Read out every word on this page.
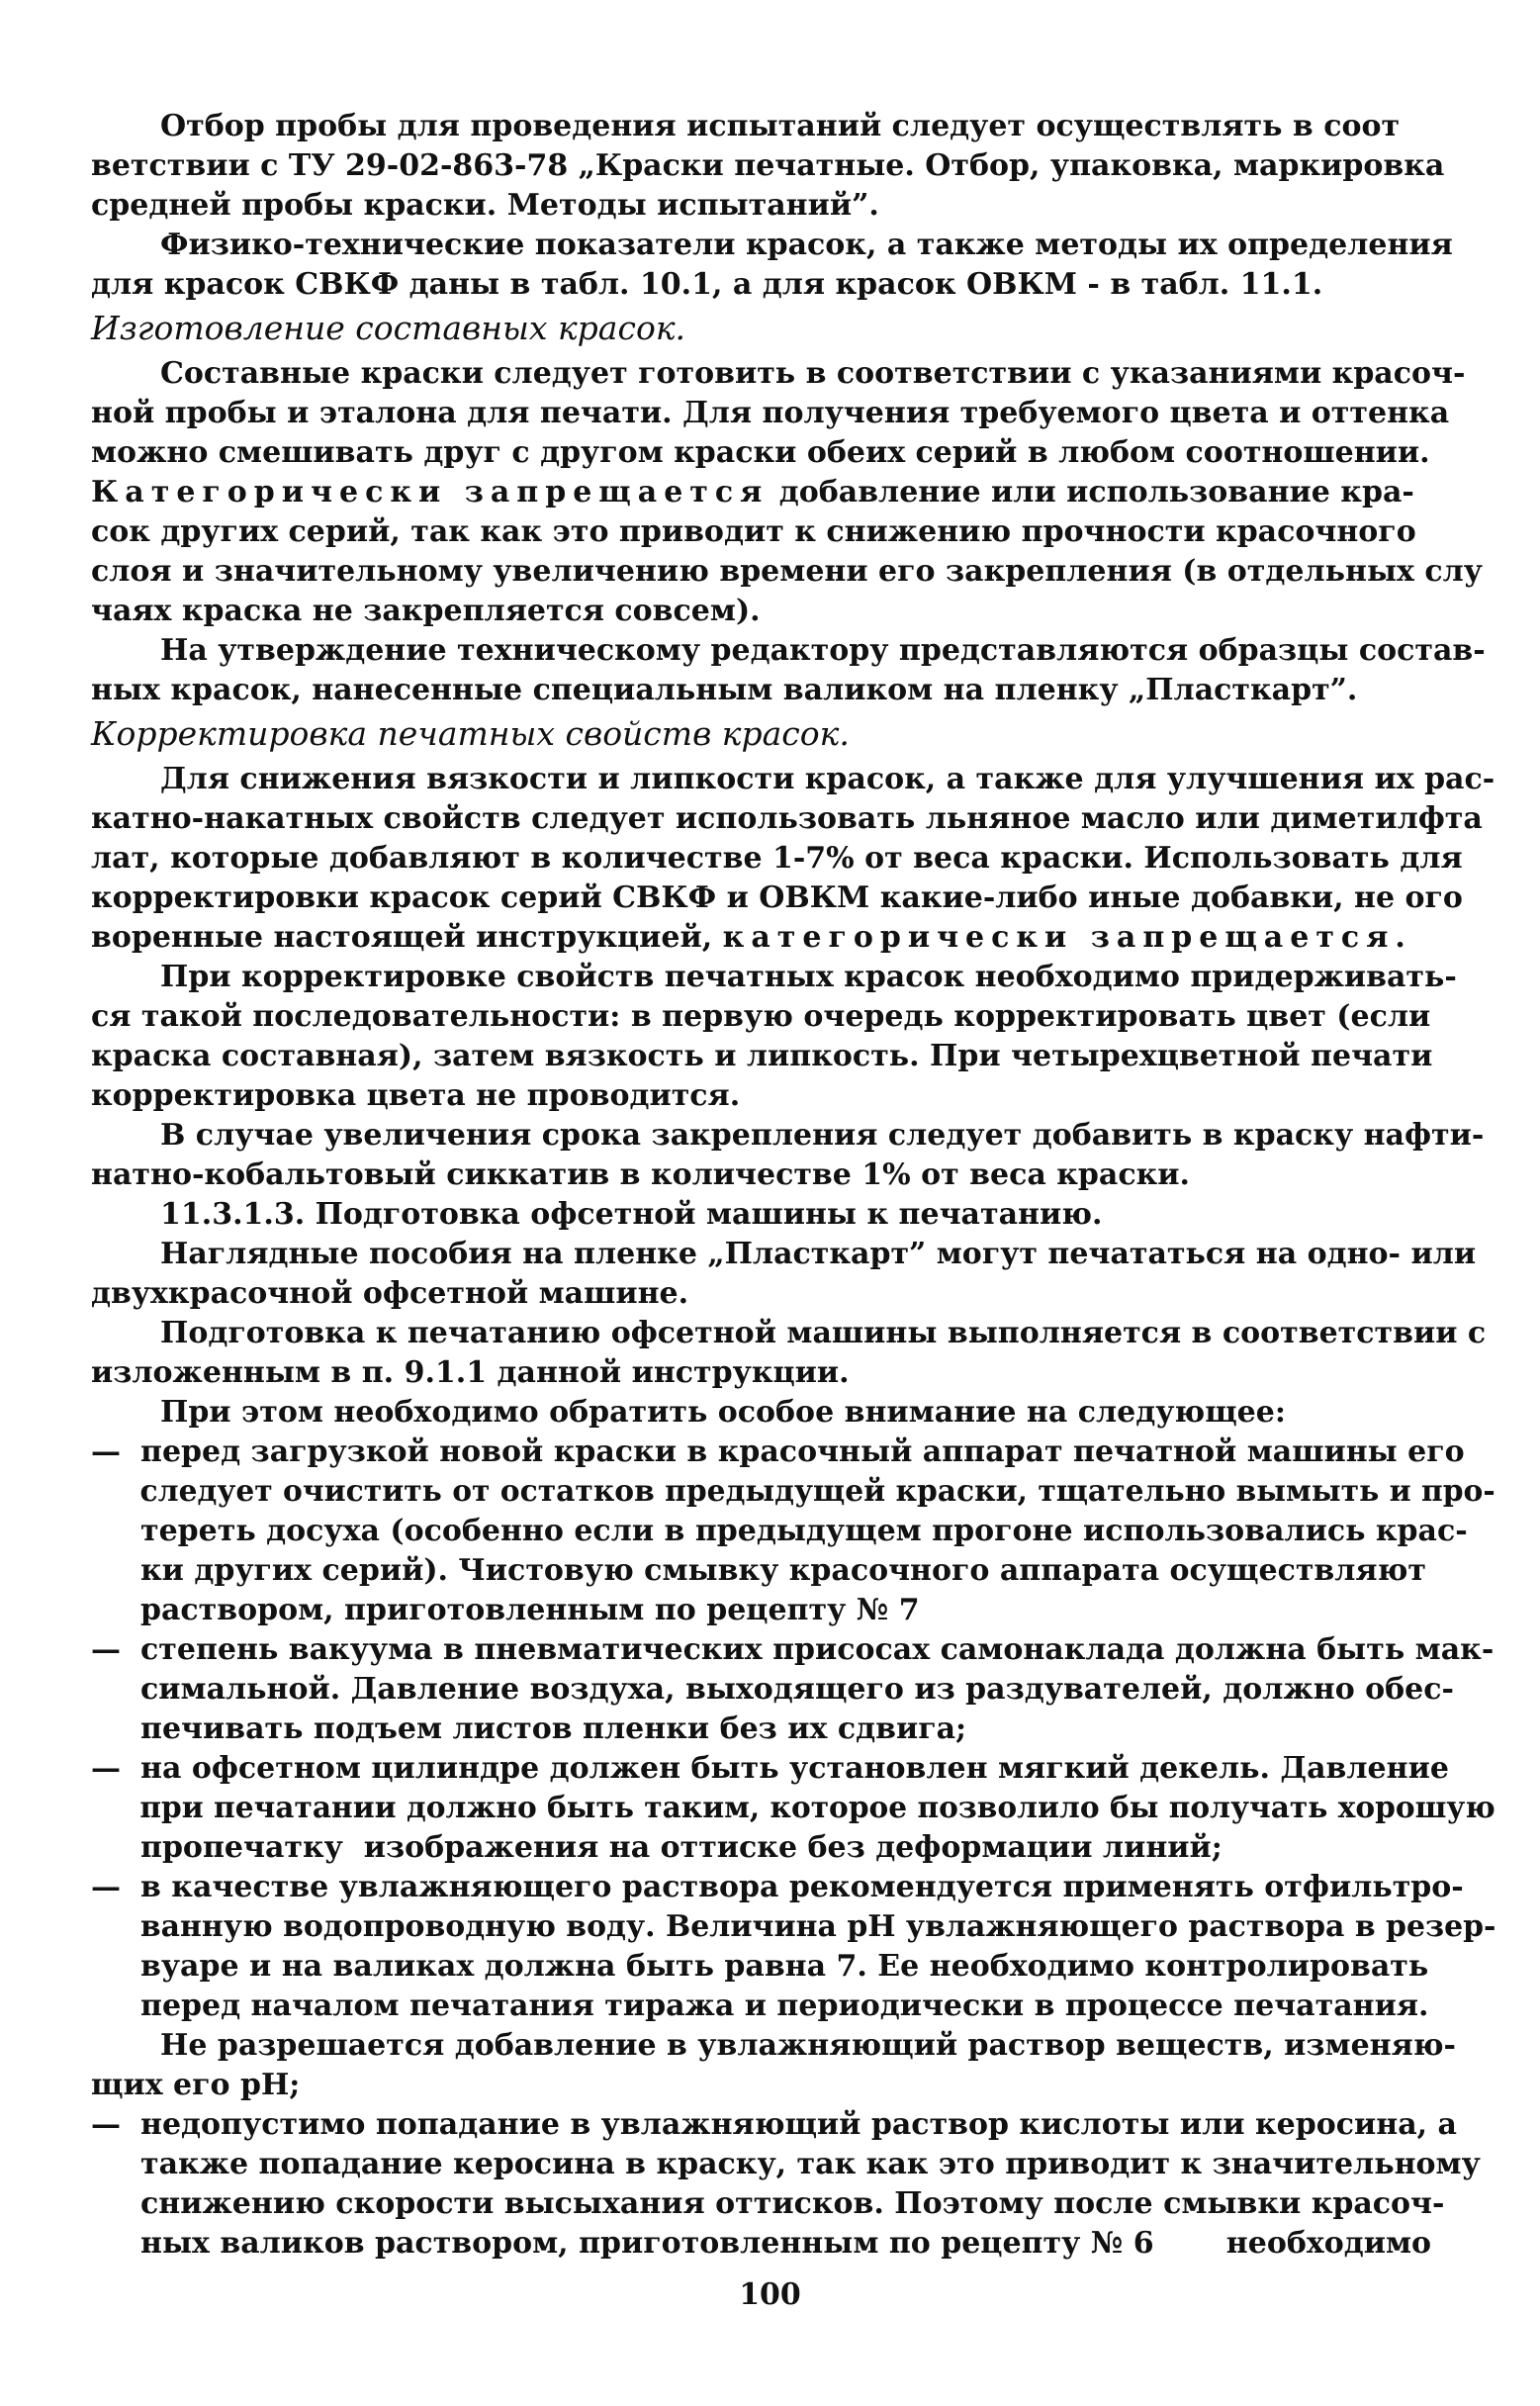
Отбор пробы для проведения испытаний следует осуществлять в соот
ветствии с ТУ 29-02-863-78 „Краски печатные. Отбор, упаковка, маркировка
средней пробы краски. Методы испытаний”.
Физико-технические показатели красок, а также методы их определения
для красок СВКФ даны в табл. 10.1, а для красок ОВКМ ‐ в табл. 11.1.
Изготовление составных красок.
Составные краски следует готовить в соответствии с указаниями красоч-
ной пробы и эталона для печати. Для получения требуемого цвета и оттенка
можно смешивать друг с другом краски обеих серий в любом соотношении.
Категорически запрещается добавление или использование кра-
сок других серий, так как это приводит к снижению прочности красочного
слоя и значительному увеличению времени его закрепления (в отдельных слу
чаях краска не закрепляется совсем).
На утверждение техническому редактору представляются образцы состав-
ных красок, нанесенные специальным валиком на пленку „Пласткарт”.
Корректировка печатных свойств красок.
Для снижения вязкости и липкости красок, а также для улучшения их рас-
катно-накатных свойств следует использовать льняное масло или диметилфта
лат, которые добавляют в количестве 1-7% от веса краски. Использовать для
корректировки красок серий СВКФ и ОВКМ какие-либо иные добавки, не ого
воренные настоящей инструкцией, категорически запрещается.
При корректировке свойств печатных красок необходимо придерживать-
ся такой последовательности: в первую очередь корректировать цвет (если
краска составная), затем вязкость и липкость. При четырехцветной печати
корректировка цвета не проводится.
В случае увеличения срока закрепления следует добавить в краску нафти-
натно-кобальтовый сиккатив в количестве 1% от веса краски.
11.3.1.3. Подготовка офсетной машины к печатанию.
Наглядные пособия на пленке „Пласткарт” могут печататься на одно- или
двухкрасочной офсетной машине.
Подготовка к печатанию офсетной машины выполняется в соответствии с
изложенным в п. 9.1.1 данной инструкции.
При этом необходимо обратить особое внимание на следующее:
— перед загрузкой новой краски в красочный аппарат печатной машины его
следует очистить от остатков предыдущей краски, тщательно вымыть и про-
тереть досуха (особенно если в предыдущем прогоне использовались крас-
ки других серий). Чистовую смывку красочного аппарата осуществляют
раствором, приготовленным по рецепту № 7
— степень вакуума в пневматических присосах самонаклада должна быть мак-
симальной. Давление воздуха, выходящего из раздувателей, должно обес-
печивать подъем листов пленки без их сдвига;
— на офсетном цилиндре должен быть установлен мягкий декель. Давление
при печатании должно быть таким, которое позволило бы получать хорошую
пропечатку  изображения на оттиске без деформации линий;
— в качестве увлажняющего раствора рекомендуется применять отфильтро-
ванную водопроводную воду. Величина рН увлажняющего раствора в резер-
вуаре и на валиках должна быть равна 7. Ее необходимо контролировать
перед началом печатания тиража и периодически в процессе печатания.
Не разрешается добавление в увлажняющий раствор веществ, изменяю-
щих его рН;
— недопустимо попадание в увлажняющий раствор кислоты или керосина, а
также попадание керосина в краску, так как это приводит к значительному
снижению скорости высыхания оттисков. Поэтому после смывки красоч-
ных валиков раствором, приготовленным по рецепту № 6       необходимо
100
